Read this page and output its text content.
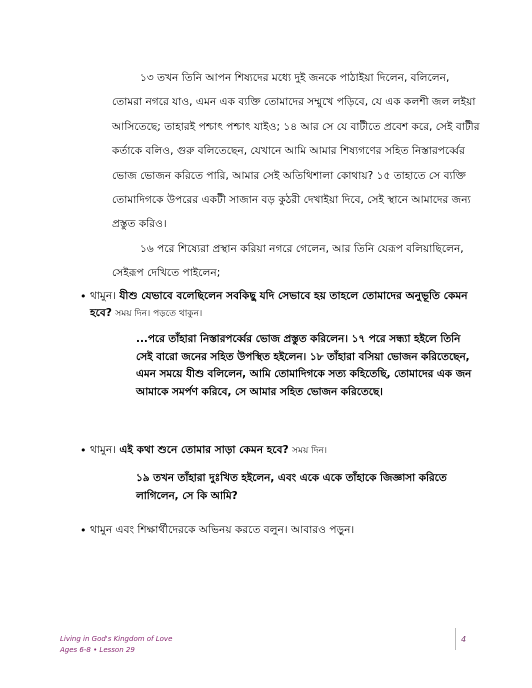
১৩ তখন তিনি আপন শিষ্যদের মধ্যে দুই জনকে পাঠাইয়া দিলেন, বলিলেন, তোমরা নগরে যাও, এমন এক ব্যক্তি তোমাদের সম্মুখে পড়িবে, যে এক কলশী জল লইয়া আসিতেছে; তাহারই পশ্চাৎ পশ্চাৎ যাইও; ১৪ আর সে যে বাটীতে প্রবেশ করে, সেই বাটীর কর্তাকে বলিও, গুরু বলিতেছেন, যেখানে আমি আমার শিষ্যগণের সহিত নিস্তারপর্ব্বের ভোজ ভোজন করিতে পারি, আমার সেই অতিথিশালা কোথায়? ১৫ তাহাতে সে ব্যক্তি তোমাদিগকে উপরের একটী সাজান বড় কুঠরী দেখাইয়া দিবে, সেই স্থানে আমাদের জন্য প্রস্তুত করিও।

১৬ পরে শিষ্যেরা প্রস্থান করিয়া নগরে গেলেন, আর তিনি যেরূপ বলিয়াছিলেন, সেইরূপ দেখিতে পাইলেন;

• থামুন। যীশু যেভাবে বলেছিলেন সবকিছু যদি সেভাবে হয় তাহলে তোমাদের অনুভূতি কেমন হবে? সময় দিন। পড়তে থাকুন।

...পরে তাঁহারা নিস্তারপর্ব্বের ভোজ প্রস্তুত করিলেন। ১৭ পরে সন্ধ্যা হইলে তিনি সেই বারো জনের সহিত উপস্থিত হইলেন। ১৮ তাঁহারা বসিয়া ভোজন করিতেছেন, এমন সময়ে যীশু বলিলেন, আমি তোমাদিগকে সত্য কহিতেছি, তোমাদের এক জন আমাকে সমর্পণ করিবে, সে আমার সহিত ভোজন করিতেছে।

• থামুন। এই কথা শুনে তোমার সাড়া কেমন হবে? সময় দিন।

১৯ তখন তাঁহারা দুঃখিত হইলেন, এবং একে একে তাঁহাকে জিজ্ঞাসা করিতে লাগিলেন, সে কি আমি?

• থামুন এবং শিক্ষার্থীদেরকে অভিনয় করতে বলুন। আবারও পড়ুন।
Living in God's Kingdom of Love
Ages 6-8 • Lesson 29
4
